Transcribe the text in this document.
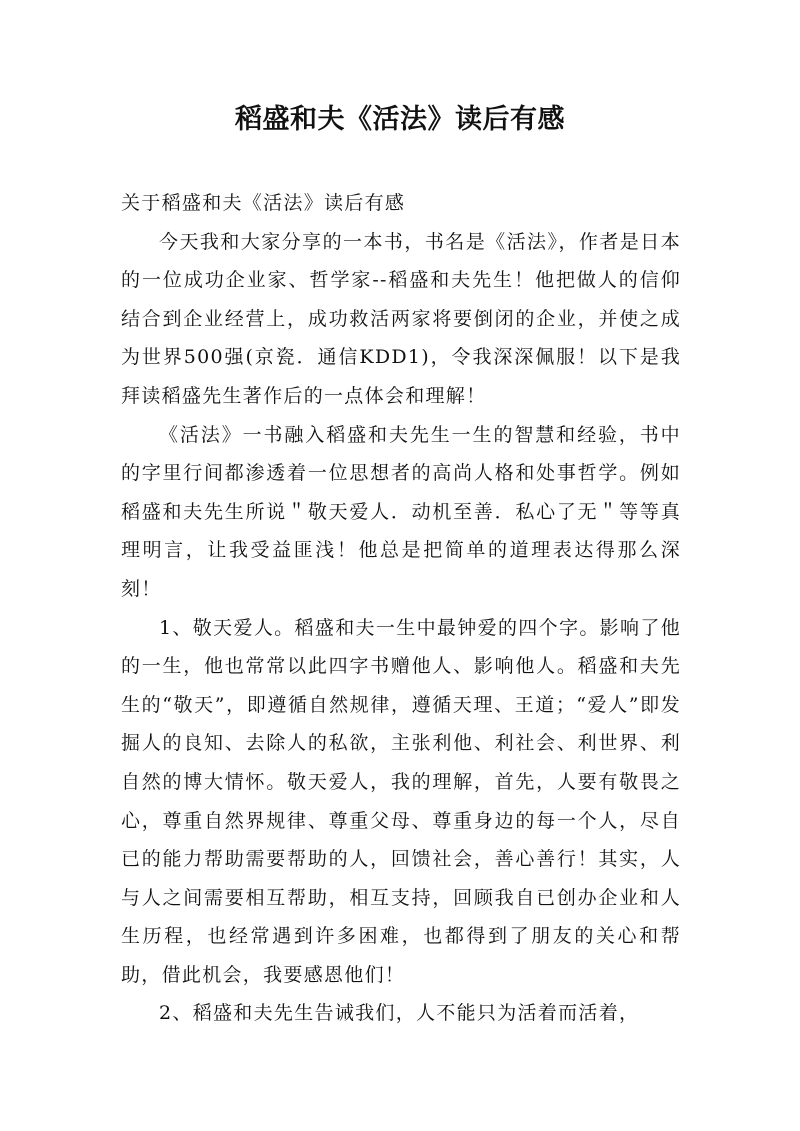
稻盛和夫《活法》读后有感

关于稻盛和夫《活法》读后有感

今天我和大家分享的一本书，书名是《活法》，作者是日本的一位成功企业家、哲学家--稻盛和夫先生！他把做人的信仰结合到企业经营上，成功救活两家将要倒闭的企业，并使之成为世界500强(京瓷．通信KDD1)，令我深深佩服！以下是我拜读稻盛先生著作后的一点体会和理解！

《活法》一书融入稻盛和夫先生一生的智慧和经验，书中的字里行间都渗透着一位思想者的高尚人格和处事哲学。例如稻盛和夫先生所说＂敬天爱人．动机至善．私心了无＂等等真理明言，让我受益匪浅！他总是把简单的道理表达得那么深刻！

1、敬天爱人。稻盛和夫一生中最钟爱的四个字。影响了他的一生，他也常常以此四字书赠他人、影响他人。稻盛和夫先生的“敬天”，即遵循自然规律，遵循天理、王道；“爱人”即发掘人的良知、去除人的私欲，主张利他、利社会、利世界、利自然的博大情怀。敬天爱人，我的理解，首先，人要有敬畏之心，尊重自然界规律、尊重父母、尊重身边的每一个人，尽自已的能力帮助需要帮助的人，回馈社会，善心善行！其实，人与人之间需要相互帮助，相互支持，回顾我自已创办企业和人生历程，也经常遇到许多困难，也都得到了朋友的关心和帮助，借此机会，我要感恩他们！

2、稻盛和夫先生告诫我们，人不能只为活着而活着，
